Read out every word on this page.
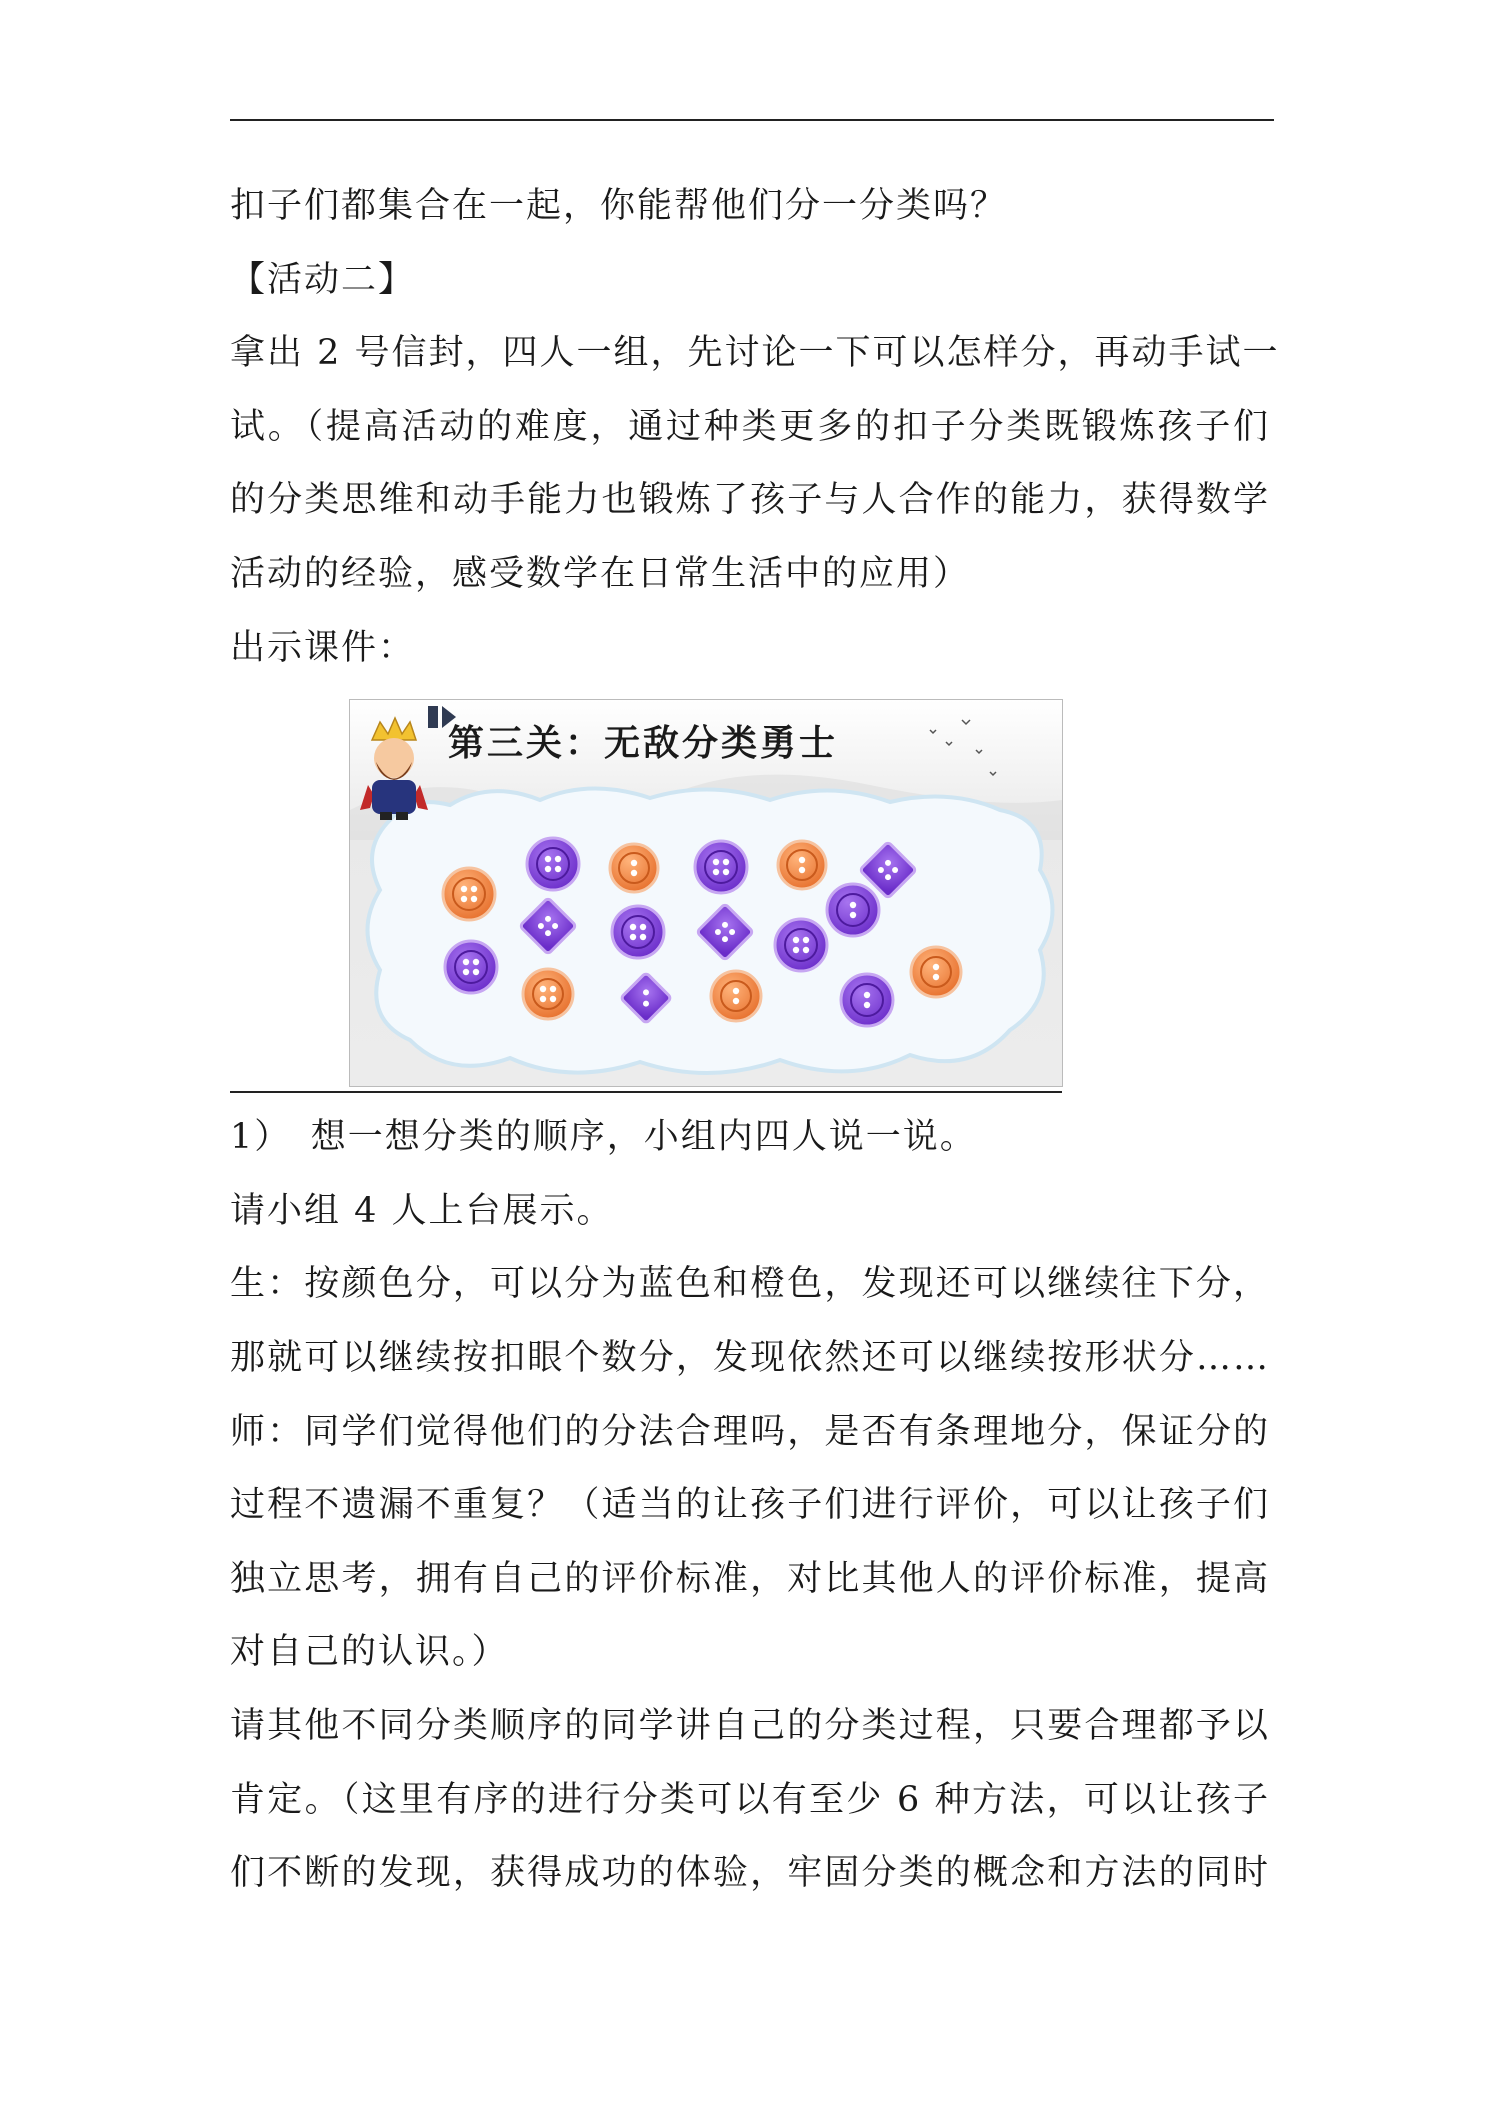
扣子们都集合在一起，你能帮他们分一分类吗？
【活动二】
拿出 2 号信封，四人一组，先讨论一下可以怎样分，再动手试一
试。（提高活动的难度，通过种类更多的扣子分类既锻炼孩子们
的分类思维和动手能力也锻炼了孩子与人合作的能力，获得数学
活动的经验，感受数学在日常生活中的应用）
出示课件：
第三关：无敌分类勇士
1）　想一想分类的顺序，小组内四人说一说。
请小组 4 人上台展示。
生：按颜色分，可以分为蓝色和橙色，发现还可以继续往下分，
那就可以继续按扣眼个数分，发现依然还可以继续按形状分……
师：同学们觉得他们的分法合理吗，是否有条理地分，保证分的
过程不遗漏不重复？（适当的让孩子们进行评价，可以让孩子们
独立思考，拥有自己的评价标准，对比其他人的评价标准，提高
对自己的认识。）
请其他不同分类顺序的同学讲自己的分类过程，只要合理都予以
肯定。（这里有序的进行分类可以有至少 6 种方法，可以让孩子
们不断的发现，获得成功的体验，牢固分类的概念和方法的同时
